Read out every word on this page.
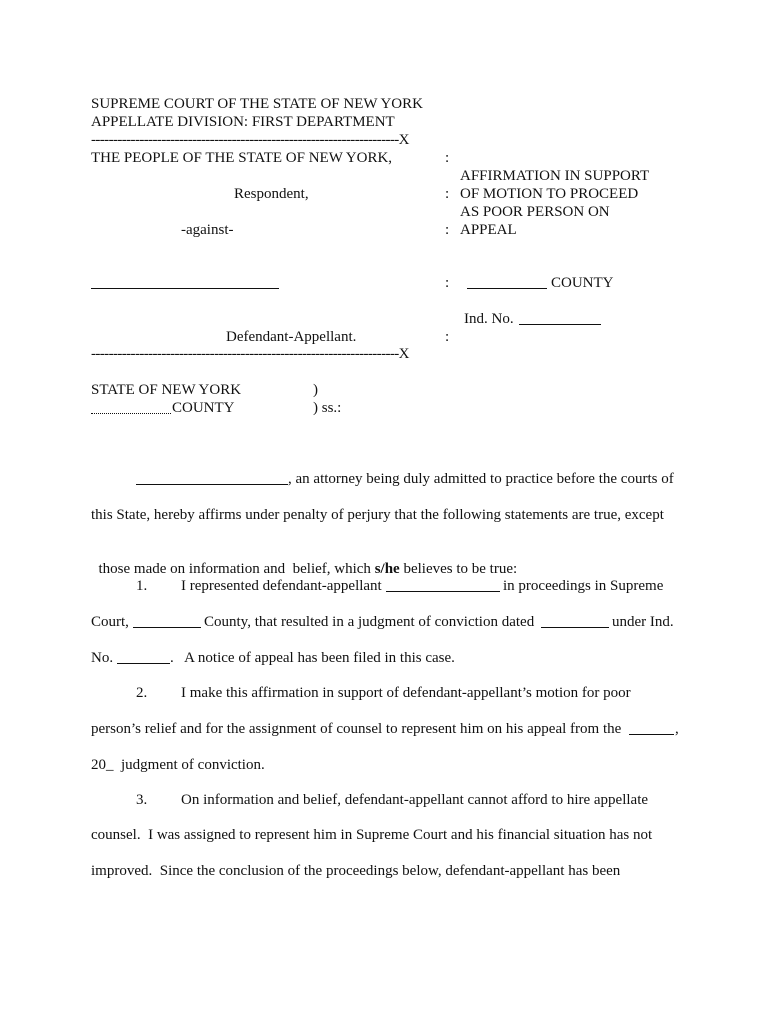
SUPREME COURT OF THE STATE OF NEW YORK
APPELLATE DIVISION: FIRST DEPARTMENT
----------------------------------------------------------------------X
THE PEOPLE OF THE STATE OF NEW YORK,	:
AFFIRMATION IN SUPPORT
Respondent,	: OF MOTION TO PROCEED
AS POOR PERSON ON
-against-	: APPEAL
:	COUNTY
Ind. No.
Defendant-Appellant.	:
----------------------------------------------------------------------X
STATE OF NEW YORK	)
COUNTY	) ss.:
, an attorney being duly admitted to practice before the courts of
this State, hereby affirms under penalty of perjury that the following statements are true, except

those made on information and  belief, which s/he believes to be true:

1. I represented defendant-appellant	in proceedings in Supreme
Court,	County, that resulted in a judgment of conviction dated	under Ind.
No.	.   A notice of appeal has been filed in this case.
2. I make this affirmation in support of defendant-appellant’s motion for poor
person’s relief and for the assignment of counsel to represent him on his appeal from the	,
20_  judgment of conviction.
3. On information and belief, defendant-appellant cannot afford to hire appellate
counsel.  I was assigned to represent him in Supreme Court and his financial situation has not
improved.  Since the conclusion of the proceedings below, defendant-appellant has been
